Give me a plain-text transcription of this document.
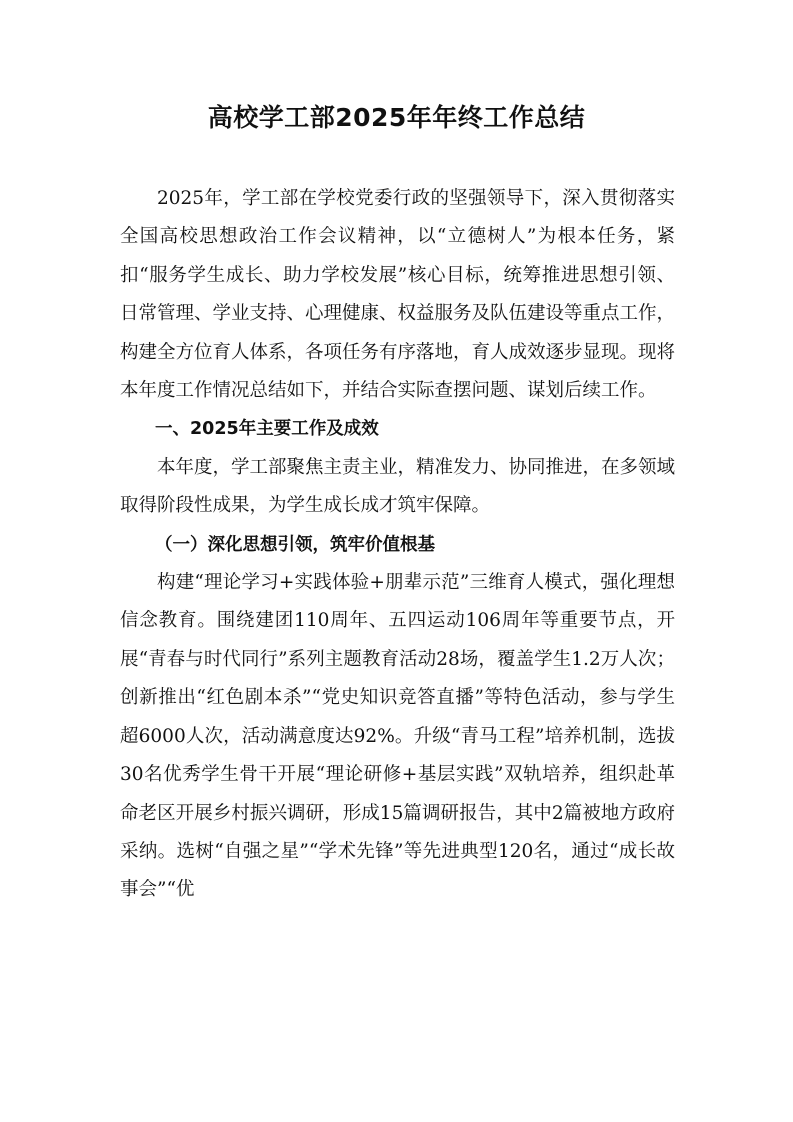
高校学工部2025年年终工作总结

2025年，学工部在学校党委行政的坚强领导下，深入贯彻落实全国高校思想政治工作会议精神，以“立德树人”为根本任务，紧扣“服务学生成长、助力学校发展”核心目标，统筹推进思想引领、日常管理、学业支持、心理健康、权益服务及队伍建设等重点工作，构建全方位育人体系，各项任务有序落地，育人成效逐步显现。现将本年度工作情况总结如下，并结合实际查摆问题、谋划后续工作。

一、2025年主要工作及成效

本年度，学工部聚焦主责主业，精准发力、协同推进，在多领域取得阶段性成果，为学生成长成才筑牢保障。

（一）深化思想引领，筑牢价值根基

构建“理论学习+实践体验+朋辈示范”三维育人模式，强化理想信念教育。围绕建团110周年、五四运动106周年等重要节点，开展“青春与时代同行”系列主题教育活动28场，覆盖学生1.2万人次；创新推出“红色剧本杀”“党史知识竞答直播”等特色活动，参与学生超6000人次，活动满意度达92%。升级“青马工程”培养机制，选拔30名优秀学生骨干开展“理论研修+基层实践”双轨培养，组织赴革命老区开展乡村振兴调研，形成15篇调研报告，其中2篇被地方政府采纳。选树“自强之星”“学术先锋”等先进典型120名，通过“成长故事会”“优
